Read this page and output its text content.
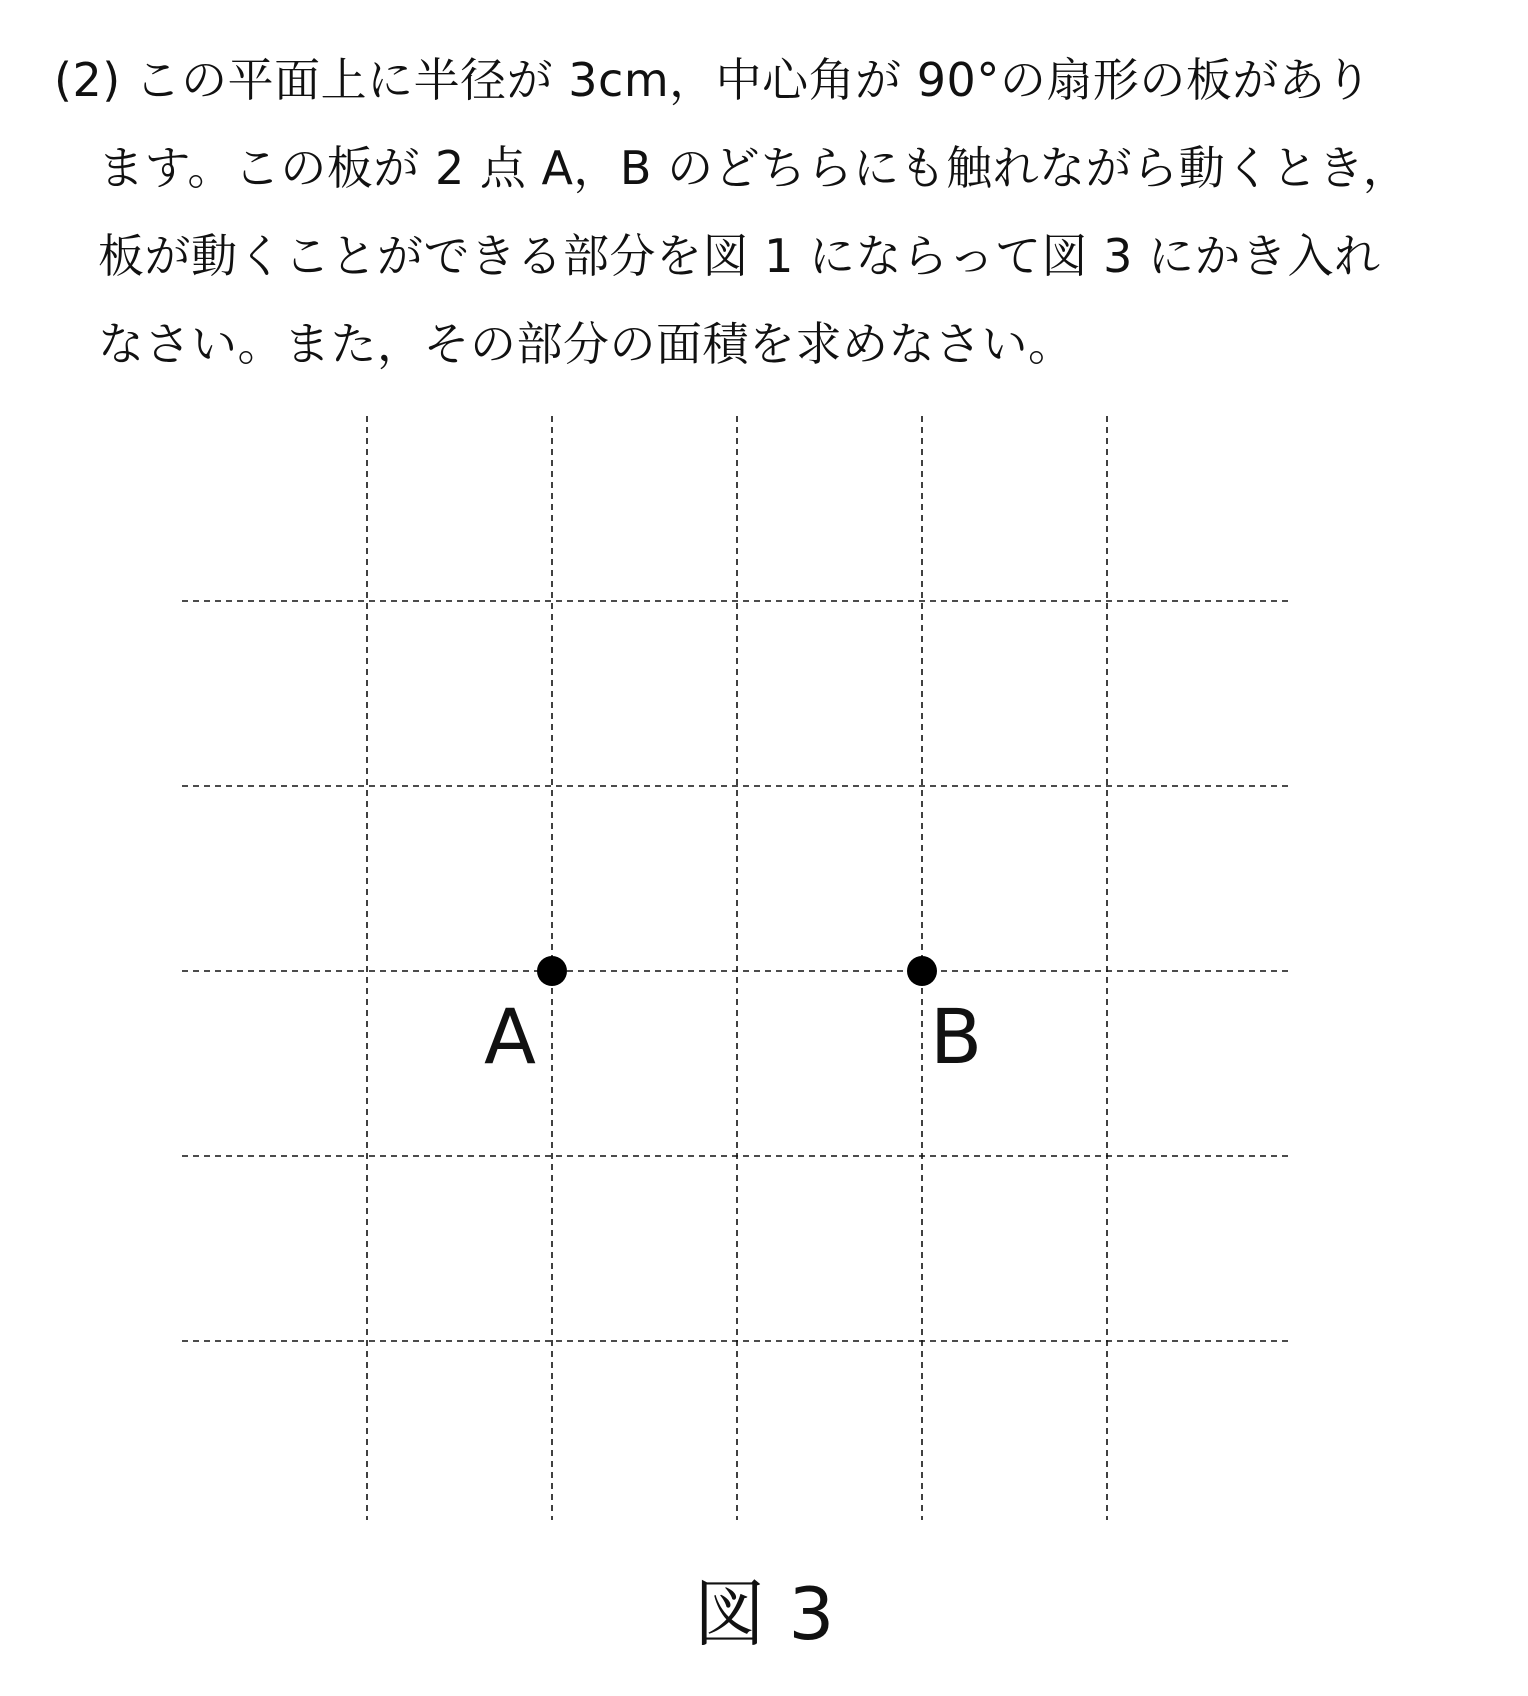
(2) この平面上に半径が 3cm，中心角が 90°の扇形の板があり
ます。この板が 2 点 A，B のどちらにも触れながら動くとき，
板が動くことができる部分を図 1 にならって図 3 にかき入れ
なさい。また，その部分の面積を求めなさい。
A	B
図 3
